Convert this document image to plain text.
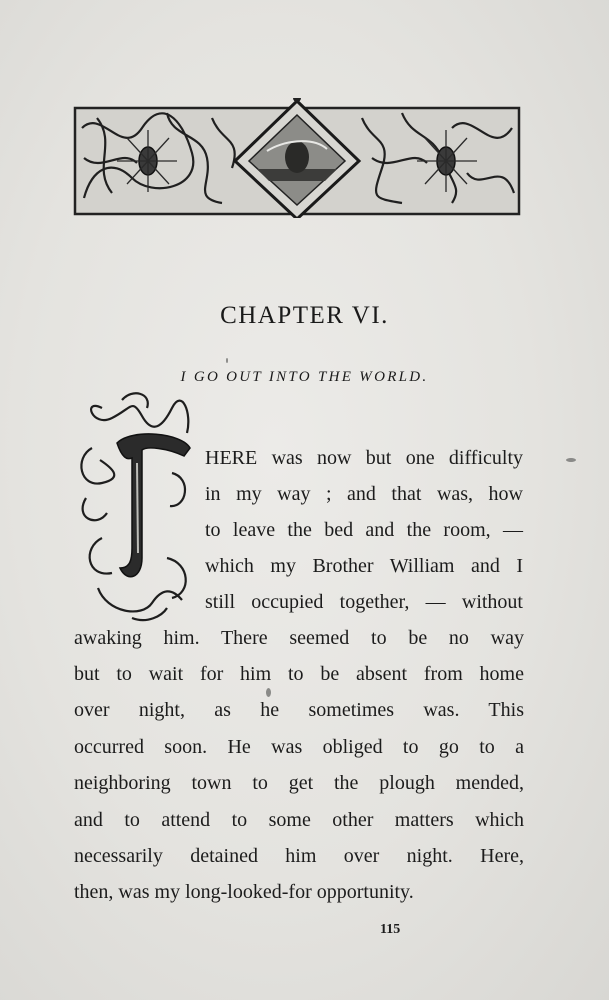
CHAPTER VI.
I GO OUT INTO THE WORLD.
HERE was now but one difficulty
in my way ; and that was, how
to leave the bed and the room, —
which my Brother William and I
still occupied together, — without
awaking him. There seemed to be no way
but to wait for him to be absent from home
over night, as he sometimes was. This
occurred soon. He was obliged to go to a
neighboring town to get the plough mended,
and to attend to some other matters which
necessarily detained him over night. Here,
then, was my long-looked-for opportunity.
115
